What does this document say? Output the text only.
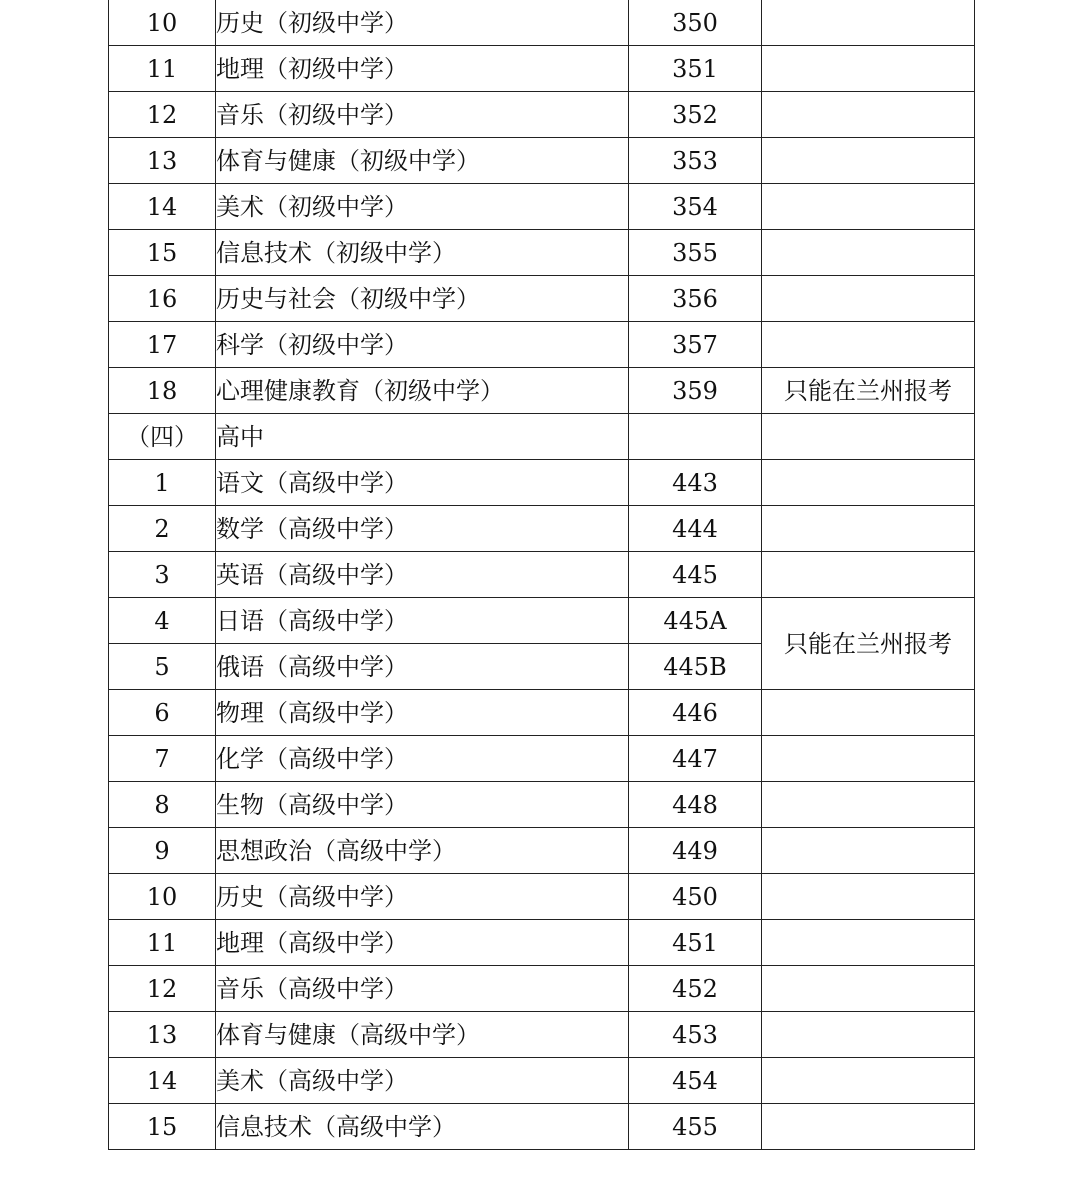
10	历史（初级中学）	350	
11	地理（初级中学）	351	
12	音乐（初级中学）	352	
13	体育与健康（初级中学）	353	
14	美术（初级中学）	354	
15	信息技术（初级中学）	355	
16	历史与社会（初级中学）	356	
17	科学（初级中学）	357	
18	心理健康教育（初级中学）	359	只能在兰州报考
（四）	高中		
1	语文（高级中学）	443	
2	数学（高级中学）	444	
3	英语（高级中学）	445	
4	日语（高级中学）	445A	只能在兰州报考
5	俄语（高级中学）	445B	
6	物理（高级中学）	446	
7	化学（高级中学）	447	
8	生物（高级中学）	448	
9	思想政治（高级中学）	449	
10	历史（高级中学）	450	
11	地理（高级中学）	451	
12	音乐（高级中学）	452	
13	体育与健康（高级中学）	453	
14	美术（高级中学）	454	
15	信息技术（高级中学）	455	
